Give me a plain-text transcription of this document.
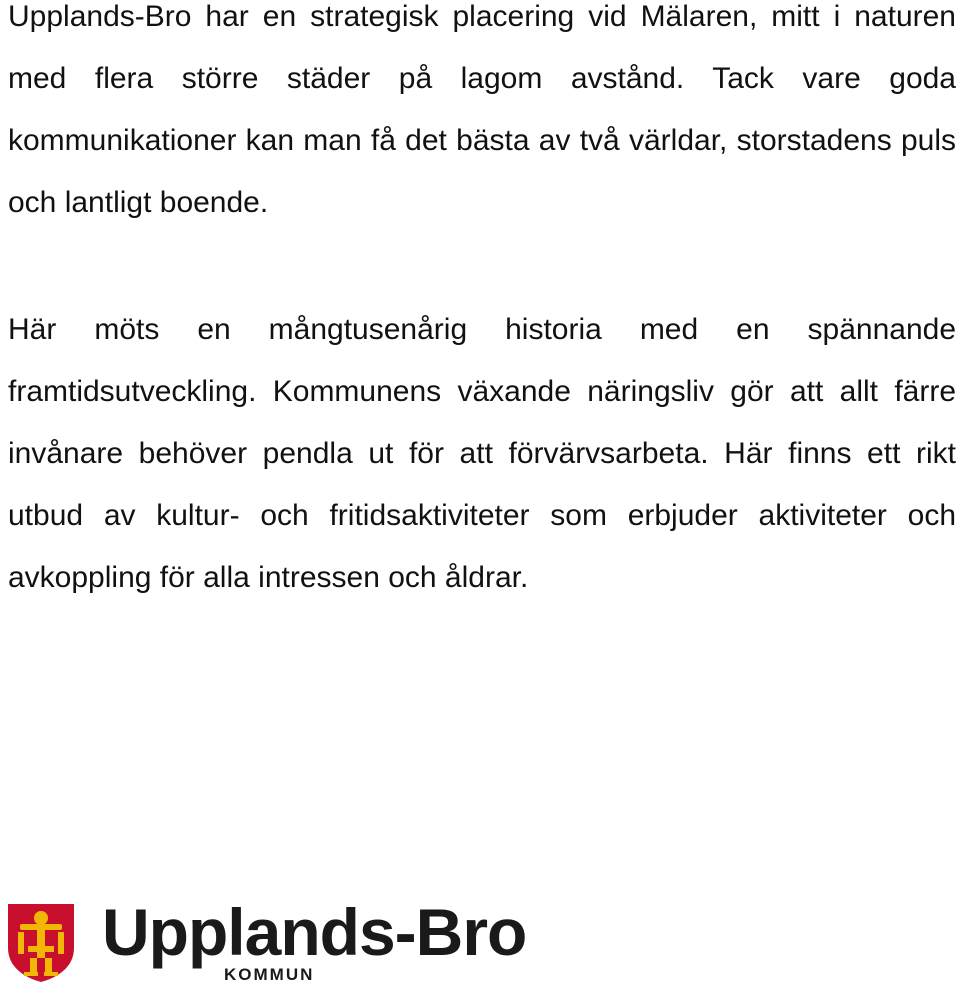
Upplands-Bro har en strategisk placering vid Mälaren, mitt i naturen med flera större städer på lagom avstånd. Tack vare goda kommunikationer kan man få det bästa av två världar, storstadens puls och lantligt boende.

Här möts en mångtusenårig historia med en spännande framtidsutveckling. Kommunens växande näringsliv gör att allt färre invånare behöver pendla ut för att förvärvsarbeta. Här finns ett rikt utbud av kultur- och fritidsaktiviteter som erbjuder aktiviteter och avkoppling för alla intressen och åldrar.

Upplands-Bro
KOMMUN
